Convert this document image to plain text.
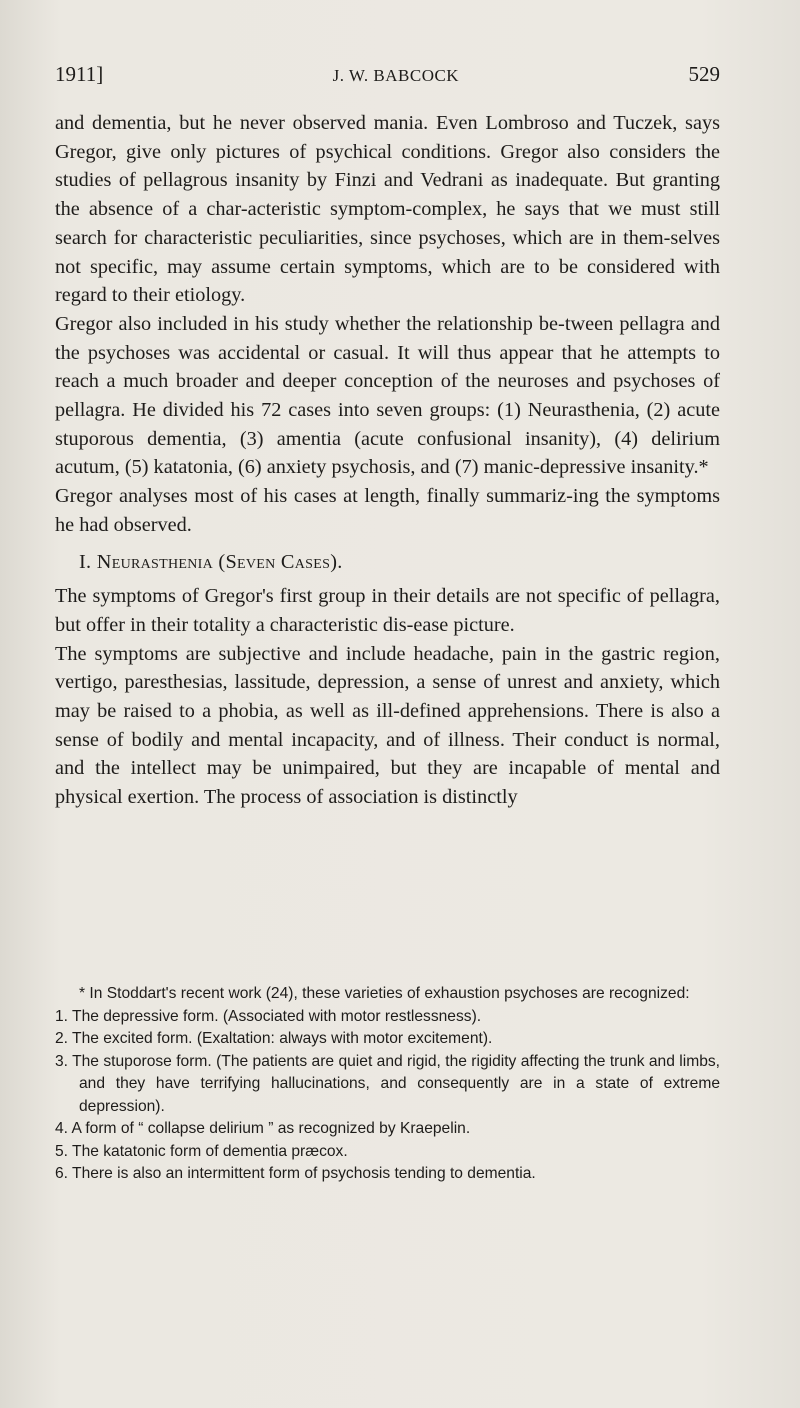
1911]	J. W. BABCOCK	529

and dementia, but he never observed mania. Even Lombroso and Tuczek, says Gregor, give only pictures of psychical conditions. Gregor also considers the studies of pellagrous insanity by Finzi and Vedrani as inadequate. But granting the absence of a char-acteristic symptom-complex, he says that we must still search for characteristic peculiarities, since psychoses, which are in them-selves not specific, may assume certain symptoms, which are to be considered with regard to their etiology.

Gregor also included in his study whether the relationship be-tween pellagra and the psychoses was accidental or casual. It will thus appear that he attempts to reach a much broader and deeper conception of the neuroses and psychoses of pellagra. He divided his 72 cases into seven groups: (1) Neurasthenia, (2) acute stuporous dementia, (3) amentia (acute confusional insanity), (4) delirium acutum, (5) katatonia, (6) anxiety psychosis, and (7) manic-depressive insanity.*

Gregor analyses most of his cases at length, finally summariz-ing the symptoms he had observed.

I. Neurasthenia (Seven Cases).

The symptoms of Gregor's first group in their details are not specific of pellagra, but offer in their totality a characteristic dis-ease picture.

The symptoms are subjective and include headache, pain in the gastric region, vertigo, paresthesias, lassitude, depression, a sense of unrest and anxiety, which may be raised to a phobia, as well as ill-defined apprehensions. There is also a sense of bodily and mental incapacity, and of illness. Their conduct is normal, and the intellect may be unimpaired, but they are incapable of mental and physical exertion. The process of association is distinctly

* In Stoddart's recent work (24), these varieties of exhaustion psychoses are recognized:

1. The depressive form. (Associated with motor restlessness).

2. The excited form. (Exaltation: always with motor excitement).

3. The stuporose form. (The patients are quiet and rigid, the rigidity affecting the trunk and limbs, and they have terrifying hallucinations, and consequently are in a state of extreme depression).

4. A form of “ collapse delirium ” as recognized by Kraepelin.

5. The katatonic form of dementia præcox.

6. There is also an intermittent form of psychosis tending to dementia.
